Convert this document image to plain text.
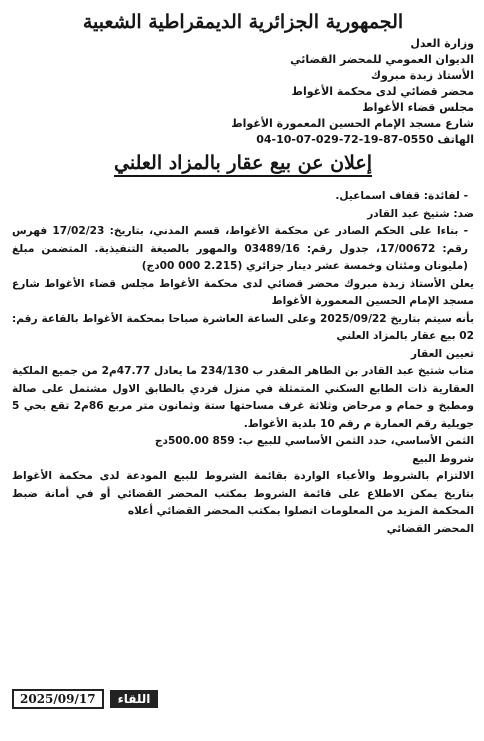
الجمهورية الجزائرية الديمقراطية الشعبية

وزارة العدل

الديوان العمومي للمحضر القضائي

الأستاذ زبدة مبروك

محضر قضائي لدى محكمة الأغواط

مجلس قضاء الأغواط

شارع مسجد الإمام الحسين المعمورة الأغواط

الهاتف 04-10-07-029-72-19-87-0550

إعلان عن بيع عقار بالمزاد العلني

- لفائدة: قفاف اسماعيل.

ضد: شتيخ عبد القادر

- بناءا على الحكم الصادر عن محكمة الأغواط، قسم المدني، بتاريخ: 17/02/23 فهرس رقم: 17/00672، جدول رقم: 03489/16 والمهور بالصيغة التنفيذية. المتضمن مبلغ (مليونان ومئتان وخمسة عشر دينار جزائري (2.215 000 00دج)

يعلن الأستاذ زبدة مبروك محضر قضائي لدى محكمة الأغواط مجلس قضاء الأغواط شارع مسجد الإمام الحسين المعمورة الأغواط

بأنه سيتم بتاريخ 2025/09/22 وعلى الساعة العاشرة صباحا بمحكمة الأغواط بالقاعة رقم: 02 بيع عقار بالمزاد العلني

تعيين العقار

متاب شتيخ عبد القادر بن الطاهر المقدر ب 234/130 ما يعادل 47.77م2 من جميع الملكية العقارية ذات الطابع السكني المتمثلة في منزل فردي بالطابق الاول مشتمل على صالة ومطبخ و حمام و مرحاض وثلاثة غرف مساحتها ستة وثمانون متر مربع 86م2 تقع بحي 5 جويلية رقم العمارة م رقم 10 بلدية الأغواط.

الثمن الأساسي، حدد الثمن الأساسي للبيع ب: 859 500.00دج

شروط البيع

الالتزام بالشروط والأعباء الواردة بقائمة الشروط للبيع المودعة لدى محكمة الأغواط بتاريخ يمكن الاطلاع على قائمة الشروط بمكتب المحضر القضائي أو في أمانة ضبط المحكمة المزيد من المعلومات اتصلوا بمكتب المحضر القضائي أعلاه

المحضر القضائي

2025/09/17	اللقاء
